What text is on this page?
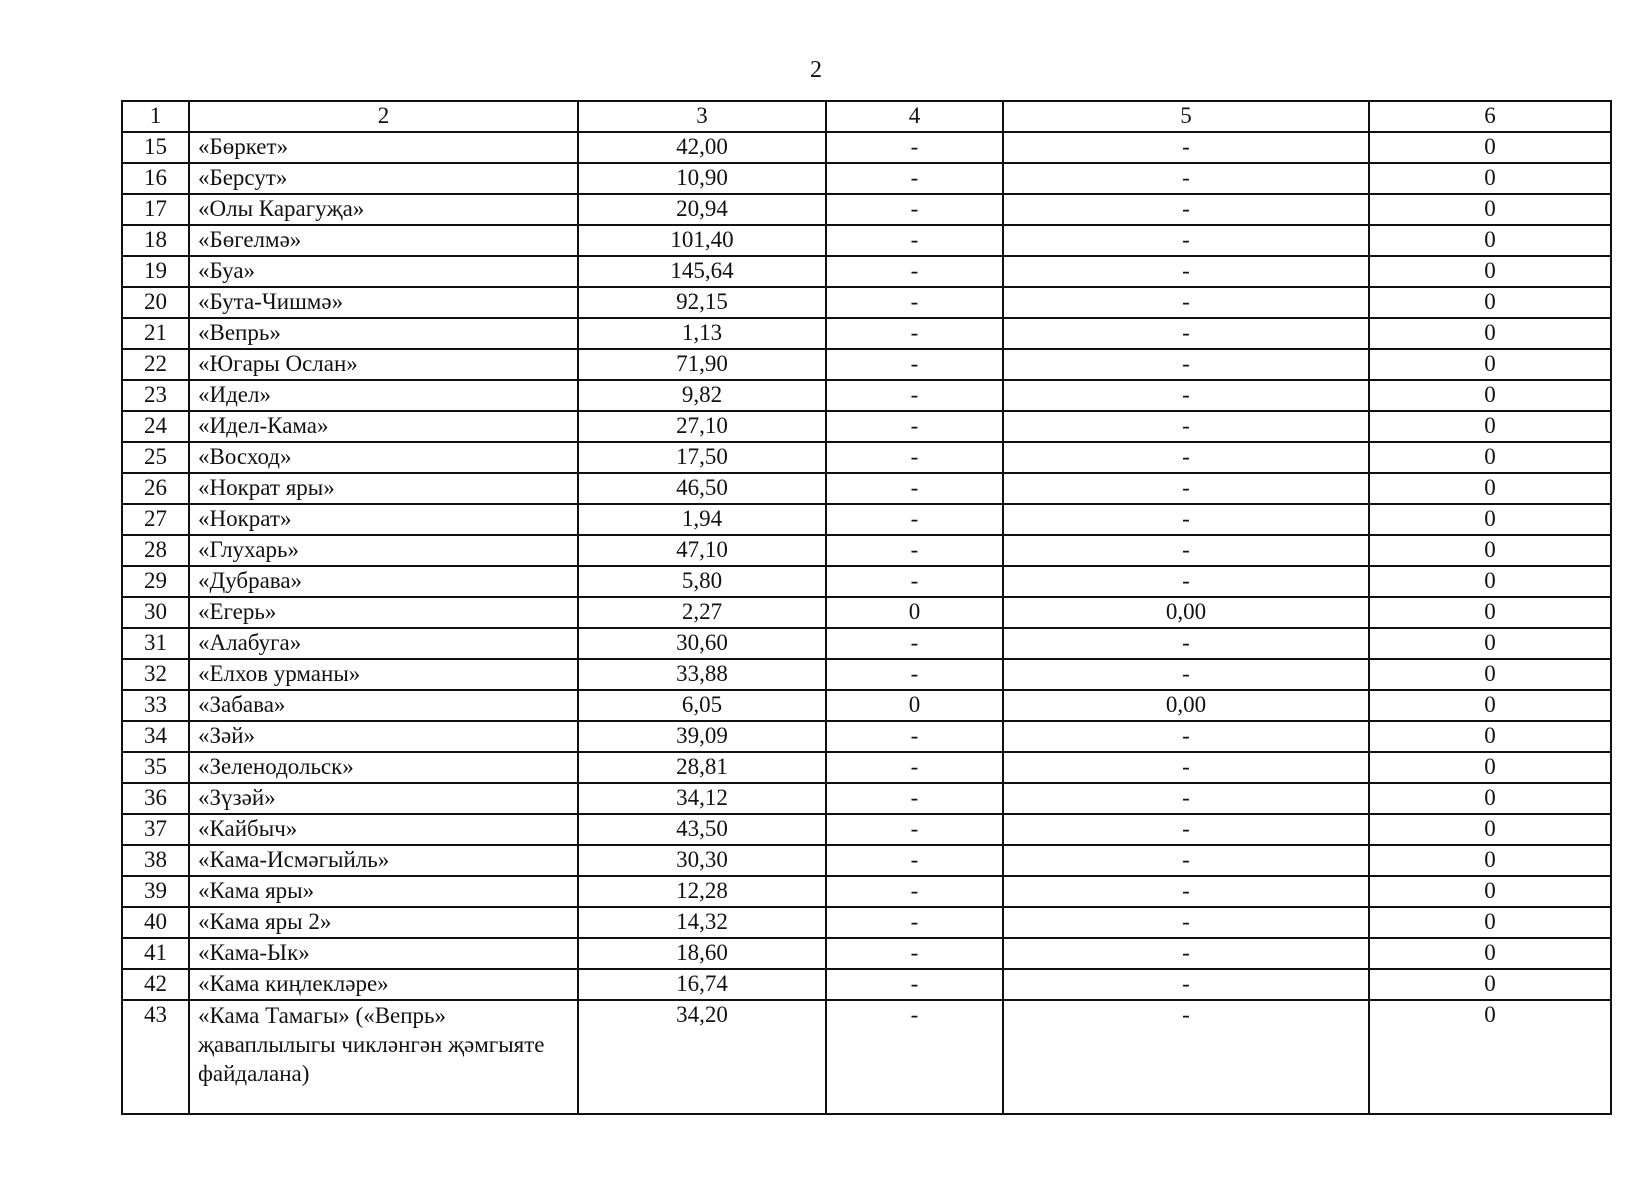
2
1	2	3	4	5	6
15	«Бөркет»	42,00	-	-	0
16	«Берсут»	10,90	-	-	0
17	«Олы Карагуҗа»	20,94	-	-	0
18	«Бөгелмә»	101,40	-	-	0
19	«Буа»	145,64	-	-	0
20	«Бута-Чишмә»	92,15	-	-	0
21	«Вепрь»	1,13	-	-	0
22	«Югары Ослан»	71,90	-	-	0
23	«Идел»	9,82	-	-	0
24	«Идел-Кама»	27,10	-	-	0
25	«Восход»	17,50	-	-	0
26	«Нократ яры»	46,50	-	-	0
27	«Нократ»	1,94	-	-	0
28	«Глухарь»	47,10	-	-	0
29	«Дубрава»	5,80	-	-	0
30	«Егерь»	2,27	0	0,00	0
31	«Алабуга»	30,60	-	-	0
32	«Елхов урманы»	33,88	-	-	0
33	«Забава»	6,05	0	0,00	0
34	«Зәй»	39,09	-	-	0
35	«Зеленодольск»	28,81	-	-	0
36	«Зүзәй»	34,12	-	-	0
37	«Кайбыч»	43,50	-	-	0
38	«Кама-Исмәгыйль»	30,30	-	-	0
39	«Кама яры»	12,28	-	-	0
40	«Кама яры 2»	14,32	-	-	0
41	«Кама-Ык»	18,60	-	-	0
42	«Кама киңлекләре»	16,74	-	-	0
43	«Кама Тамагы» («Вепрь» җаваплылыгы чикләнгән җәмгыяте файдалана)	34,20	-	-	0
